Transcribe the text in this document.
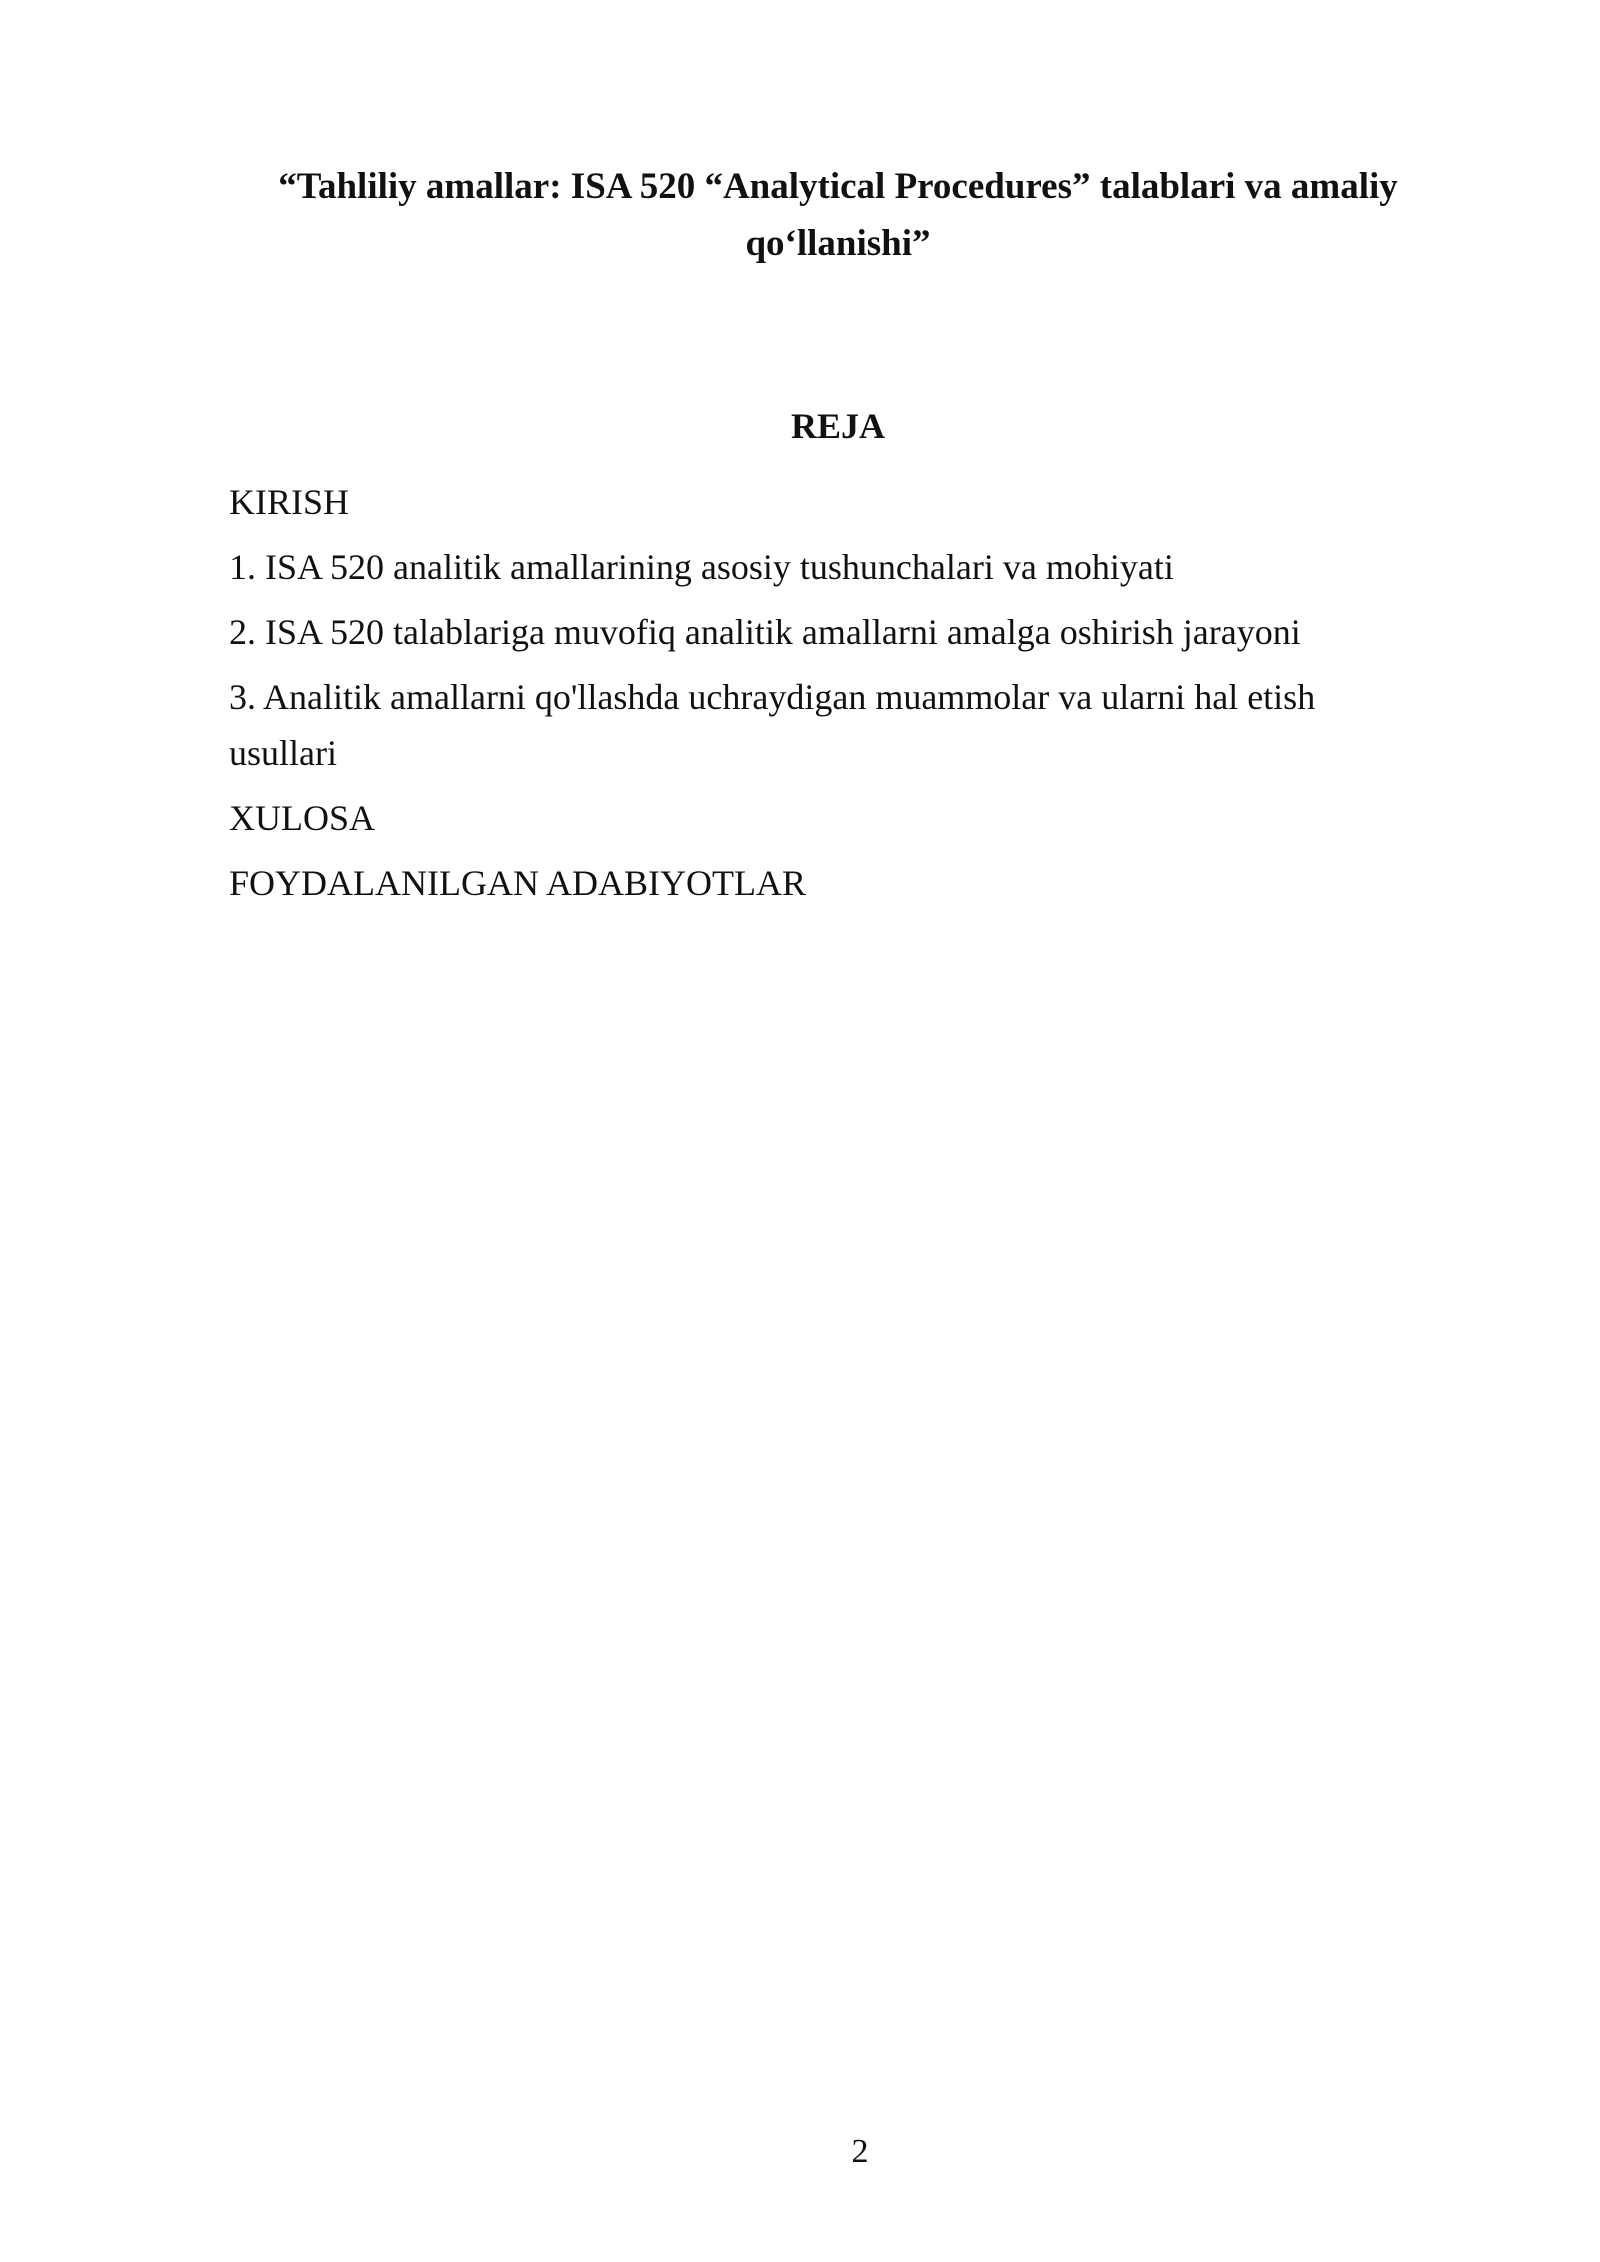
“Tahliliy amallar: ISA 520 “Analytical Procedures” talablari va amaliy qo‘llanishi”
REJA
KIRISH
1. ISA 520 analitik amallarining asosiy tushunchalari va mohiyati
2. ISA 520 talablariga muvofiq analitik amallarni amalga oshirish jarayoni
3. Analitik amallarni qo'llashda uchraydigan muammolar va ularni hal etish usullari
XULOSA
FOYDALANILGAN ADABIYOTLAR
2
